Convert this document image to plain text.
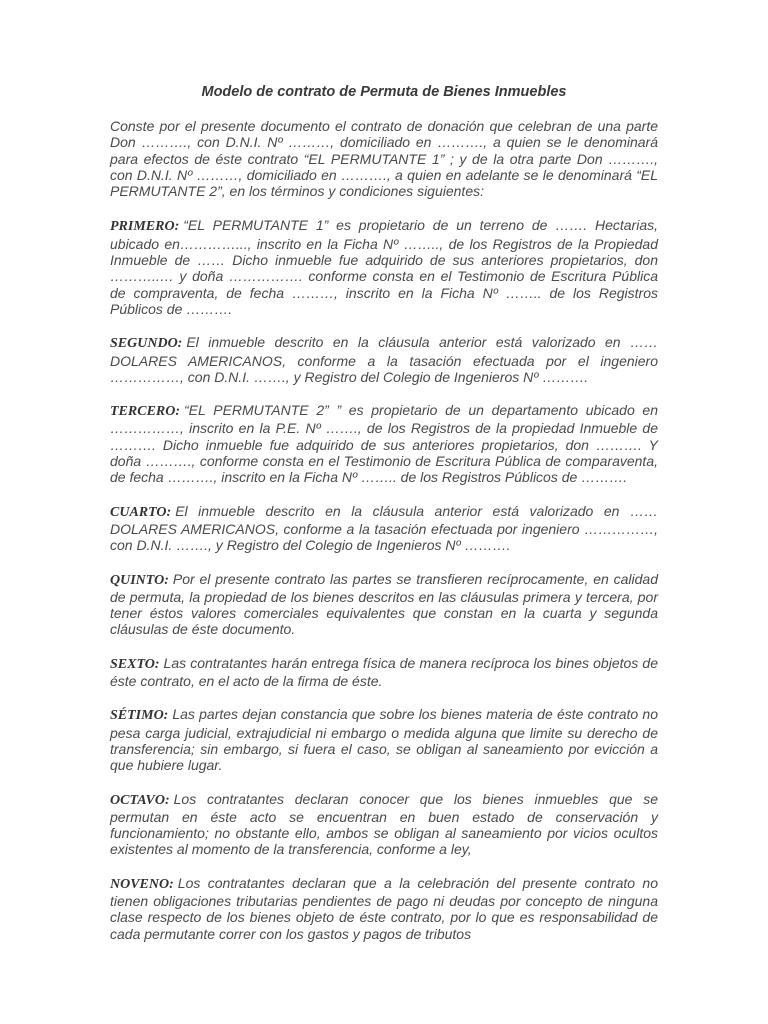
Modelo de contrato de Permuta de Bienes Inmuebles

Conste por el presente documento el contrato de donación que celebran de una parte Don ………., con D.N.I. Nº ………, domiciliado en ………., a quien se le denominará para efectos de éste contrato “EL PERMUTANTE 1” ; y de la otra parte Don ………., con D.N.I. Nº ………, domiciliado en ………., a quien en adelante se le denominará “EL PERMUTANTE 2”, en los términos y condiciones siguientes:

PRIMERO: “EL PERMUTANTE 1” es propietario de un terreno de ……. Hectarias, ubicado en…………..., inscrito en la Ficha Nº …….., de los Registros de la Propiedad Inmueble de …… Dicho inmueble fue adquirido de sus anteriores propietarios, don ………..… y doña ……………. conforme consta en el Testimonio de Escritura Pública de compraventa, de fecha ………, inscrito en la Ficha Nº …….. de los Registros Públicos de ……….

SEGUNDO: El inmueble descrito en la cláusula anterior está valorizado en …… DOLARES AMERICANOS, conforme a la tasación efectuada por el ingeniero ……………, con D.N.I. ……., y Registro del Colegio de Ingenieros Nº ……….

TERCERO: “EL PERMUTANTE 2” ” es propietario de un departamento ubicado en ……………, inscrito en la P.E. Nº ……., de los Registros de la propiedad Inmueble de ………. Dicho inmueble fue adquirido de sus anteriores propietarios, don ………. Y doña ………., conforme consta en el Testimonio de Escritura Pública de comparaventa, de fecha ………., inscrito en la Ficha Nº …….. de los Registros Públicos de ……….

CUARTO: El inmueble descrito en la cláusula anterior está valorizado en …… DOLARES AMERICANOS, conforme a la tasación efectuada por ingeniero ……………, con D.N.I. ……., y Registro del Colegio de Ingenieros Nº ……….

QUINTO: Por el presente contrato las partes se transfieren recíprocamente, en calidad de permuta, la propiedad de los bienes descritos en las cláusulas primera y tercera, por tener éstos valores comerciales equivalentes que constan en la cuarta y segunda cláusulas de éste documento.

SEXTO: Las contratantes harán entrega física de manera recíproca los bines objetos de éste contrato, en el acto de la firma de éste.

SÉTIMO: Las partes dejan constancia que sobre los bienes materia de éste contrato no pesa carga judicial, extrajudicial ni embargo o medida alguna que limite su derecho de transferencia; sin embargo, si fuera el caso, se obligan al saneamiento por evicción a que hubiere lugar.

OCTAVO: Los contratantes declaran conocer que los bienes inmuebles que se permutan en éste acto se encuentran en buen estado de conservación y funcionamiento; no obstante ello, ambos se obligan al saneamiento por vicios ocultos existentes al momento de la transferencia, conforme a ley,

NOVENO: Los contratantes declaran que a la celebración del presente contrato no tienen obligaciones tributarias pendientes de pago ni deudas por concepto de ninguna clase respecto de los bienes objeto de éste contrato, por lo que es responsabilidad de cada permutante correr con los gastos y pagos de tributos
